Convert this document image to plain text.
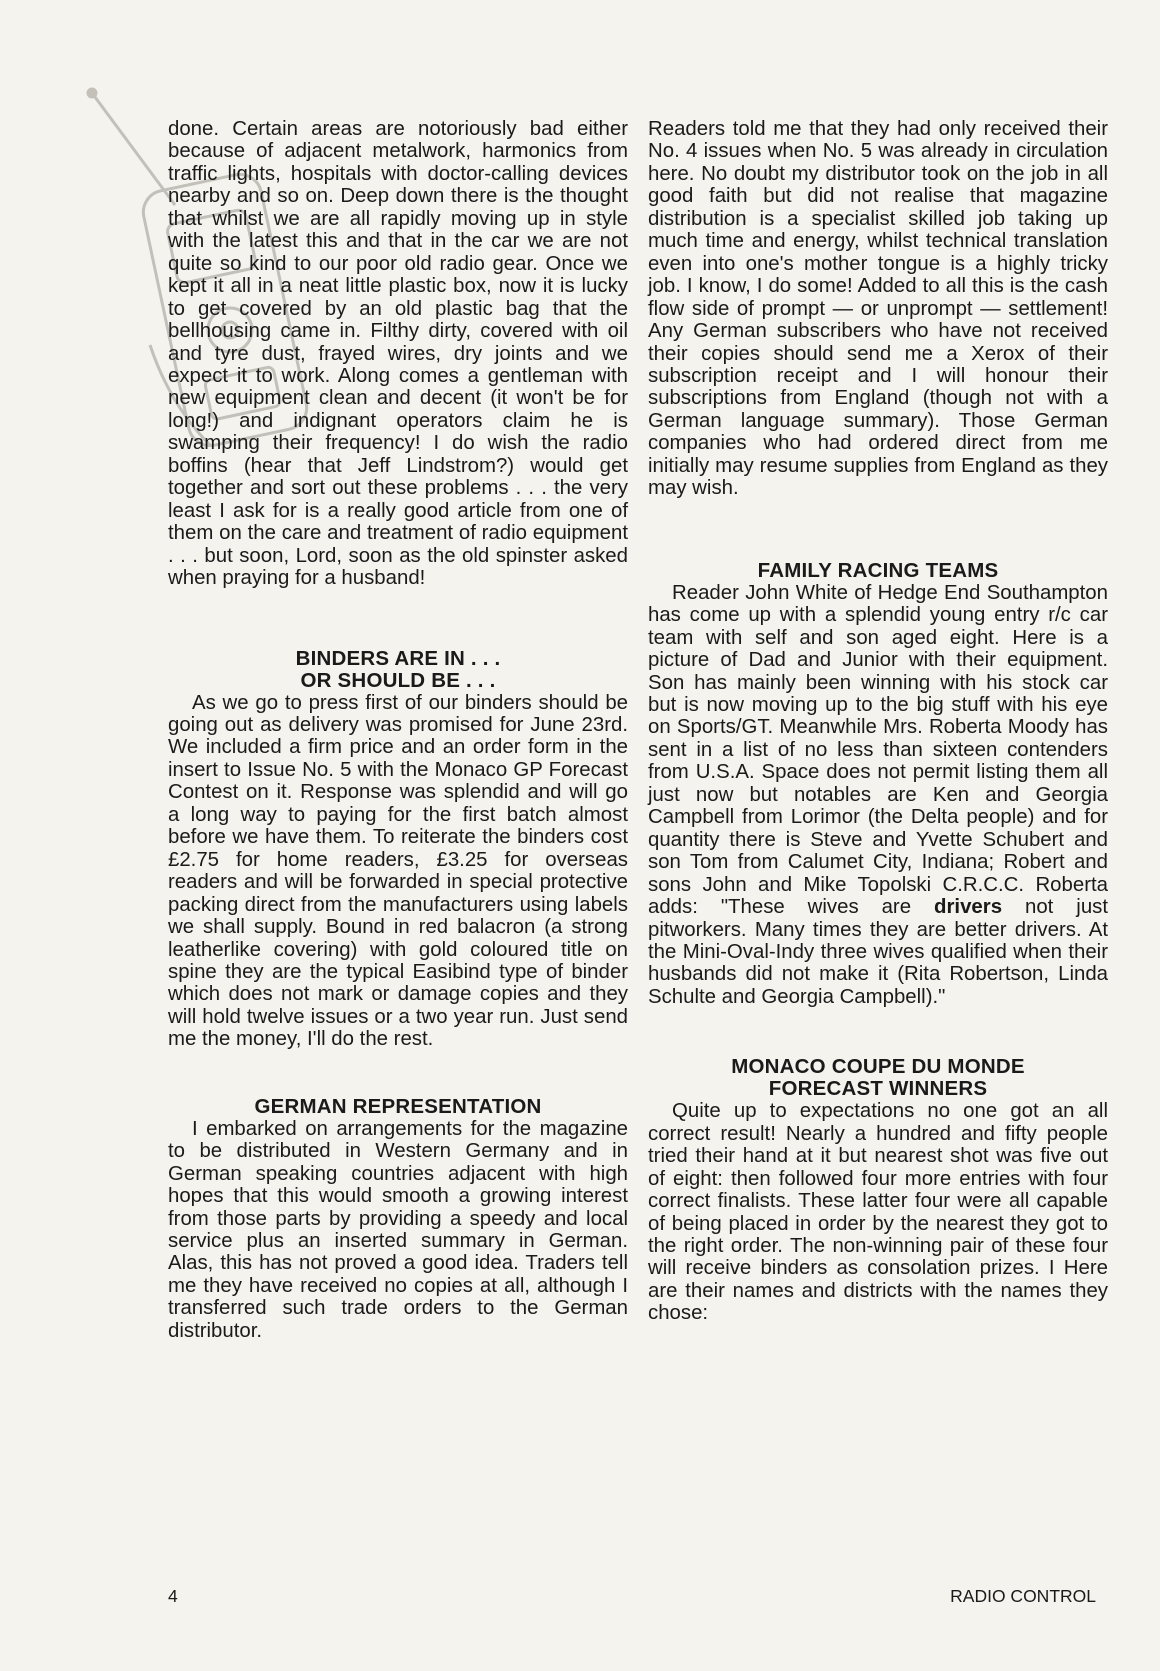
done. Certain areas are notoriously bad either because of adjacent metalwork, harmonics from traffic lights, hospitals with doctor-calling devices nearby and so on. Deep down there is the thought that whilst we are all rapidly moving up in style with the latest this and that in the car we are not quite so kind to our poor old radio gear. Once we kept it all in a neat little plastic box, now it is lucky to get covered by an old plastic bag that the bellhousing came in. Filthy dirty, covered with oil and tyre dust, frayed wires, dry joints and we expect it to work. Along comes a gentleman with new equipment clean and decent (it won't be for long!) and indignant operators claim he is swamping their frequency! I do wish the radio boffins (hear that Jeff Lindstrom?) would get together and sort out these problems . . . the very least I ask for is a really good article from one of them on the care and treatment of radio equipment . . . but soon, Lord, soon as the old spinster asked when praying for a husband!

BINDERS ARE IN . . .
OR SHOULD BE . . .

As we go to press first of our binders should be going out as delivery was promised for June 23rd. We included a firm price and an order form in the insert to Issue No. 5 with the Monaco GP Forecast Contest on it. Response was splendid and will go a long way to paying for the first batch almost before we have them. To reiterate the binders cost £2.75 for home readers, £3.25 for overseas readers and will be forwarded in special protective packing direct from the manufacturers using labels we shall supply. Bound in red balacron (a strong leatherlike covering) with gold coloured title on spine they are the typical Easibind type of binder which does not mark or damage copies and they will hold twelve issues or a two year run. Just send me the money, I'll do the rest.

GERMAN REPRESENTATION

I embarked on arrangements for the magazine to be distributed in Western Germany and in German speaking countries adjacent with high hopes that this would smooth a growing interest from those parts by providing a speedy and local service plus an inserted summary in German. Alas, this has not proved a good idea. Traders tell me they have received no copies at all, although I transferred such trade orders to the German distributor.

Readers told me that they had only received their No. 4 issues when No. 5 was already in circulation here. No doubt my distributor took on the job in all good faith but did not realise that magazine distribution is a specialist skilled job taking up much time and energy, whilst technical translation even into one's mother tongue is a highly tricky job. I know, I do some! Added to all this is the cash flow side of prompt — or unprompt — settlement! Any German subscribers who have not received their copies should send me a Xerox of their subscription receipt and I will honour their subscriptions from England (though not with a German language summary). Those German companies who had ordered direct from me initially may resume supplies from England as they may wish.

FAMILY RACING TEAMS

Reader John White of Hedge End Southampton has come up with a splendid young entry r/c car team with self and son aged eight. Here is a picture of Dad and Junior with their equipment. Son has mainly been winning with his stock car but is now moving up to the big stuff with his eye on Sports/GT. Meanwhile Mrs. Roberta Moody has sent in a list of no less than sixteen contenders from U.S.A. Space does not permit listing them all just now but notables are Ken and Georgia Campbell from Lorimor (the Delta people) and for quantity there is Steve and Yvette Schubert and son Tom from Calumet City, Indiana; Robert and sons John and Mike Topolski C.R.C.C. Roberta adds: "These wives are drivers not just pitworkers. Many times they are better drivers. At the Mini-Oval-Indy three wives qualified when their husbands did not make it (Rita Robertson, Linda Schulte and Georgia Campbell)."

MONACO COUPE DU MONDE
FORECAST WINNERS

Quite up to expectations no one got an all correct result! Nearly a hundred and fifty people tried their hand at it but nearest shot was five out of eight: then followed four more entries with four correct finalists. These latter four were all capable of being placed in order by the nearest they got to the right order. The non-winning pair of these four will receive binders as consolation prizes. I Here are their names and districts with the names they chose:

4	RADIO CONTROL
